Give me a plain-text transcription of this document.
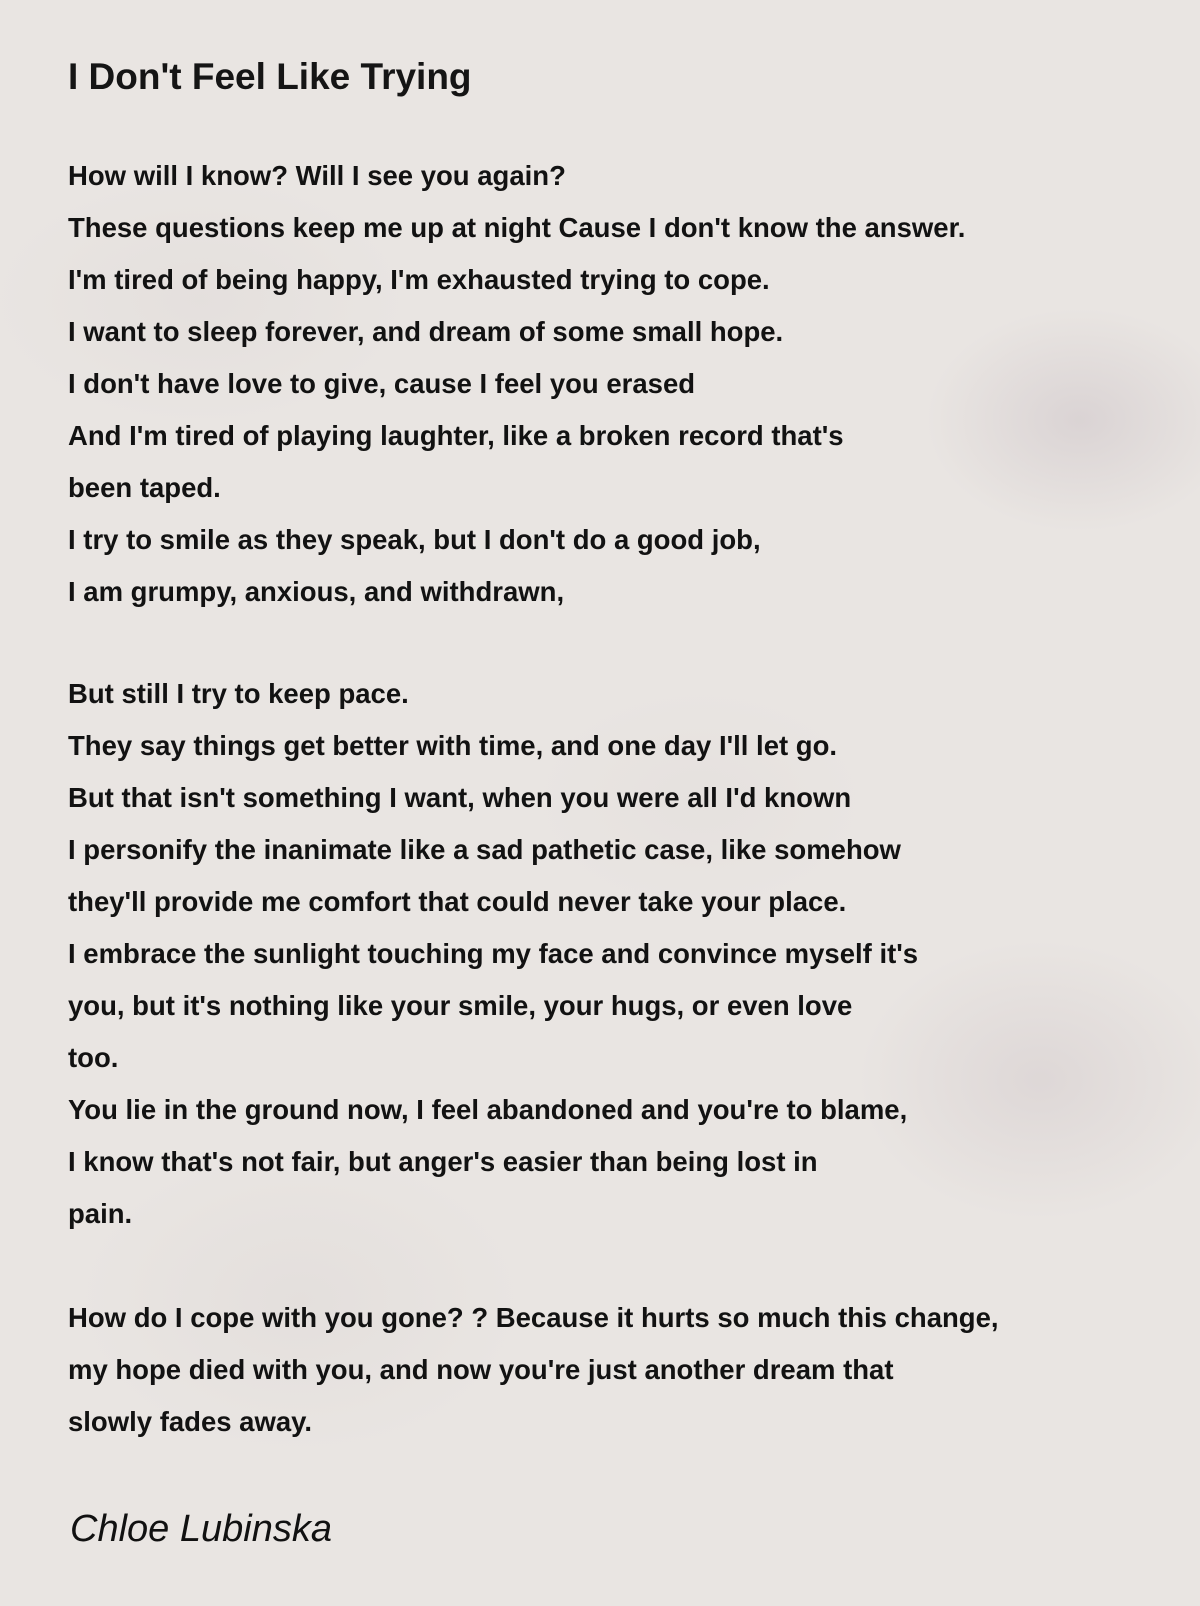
I Don't Feel Like Trying
How will I know? Will I see you again?
These questions keep me up at night Cause I don't know the answer.
I'm tired of being happy, I'm exhausted trying to cope.
I want to sleep forever, and dream of some small hope.
I don't have love to give, cause I feel you erased
And I'm tired of playing laughter, like a broken record that's
been taped.
I try to smile as they speak, but I don't do a good job,
I am grumpy, anxious, and withdrawn,
But still I try to keep pace.
They say things get better with time, and one day I'll let go.
But that isn't something I want, when you were all I'd known
I personify the inanimate like a sad pathetic case, like somehow
they'll provide me comfort that could never take your place.
I embrace the sunlight touching my face and convince myself it's
you, but it's nothing like your smile, your hugs, or even love
too.
You lie in the ground now, I feel abandoned and you're to blame,
I know that's not fair, but anger's easier than being lost in
pain.
How do I cope with you gone? ? Because it hurts so much this change,
my hope died with you, and now you're just another dream that
slowly fades away.

Chloe Lubinska
